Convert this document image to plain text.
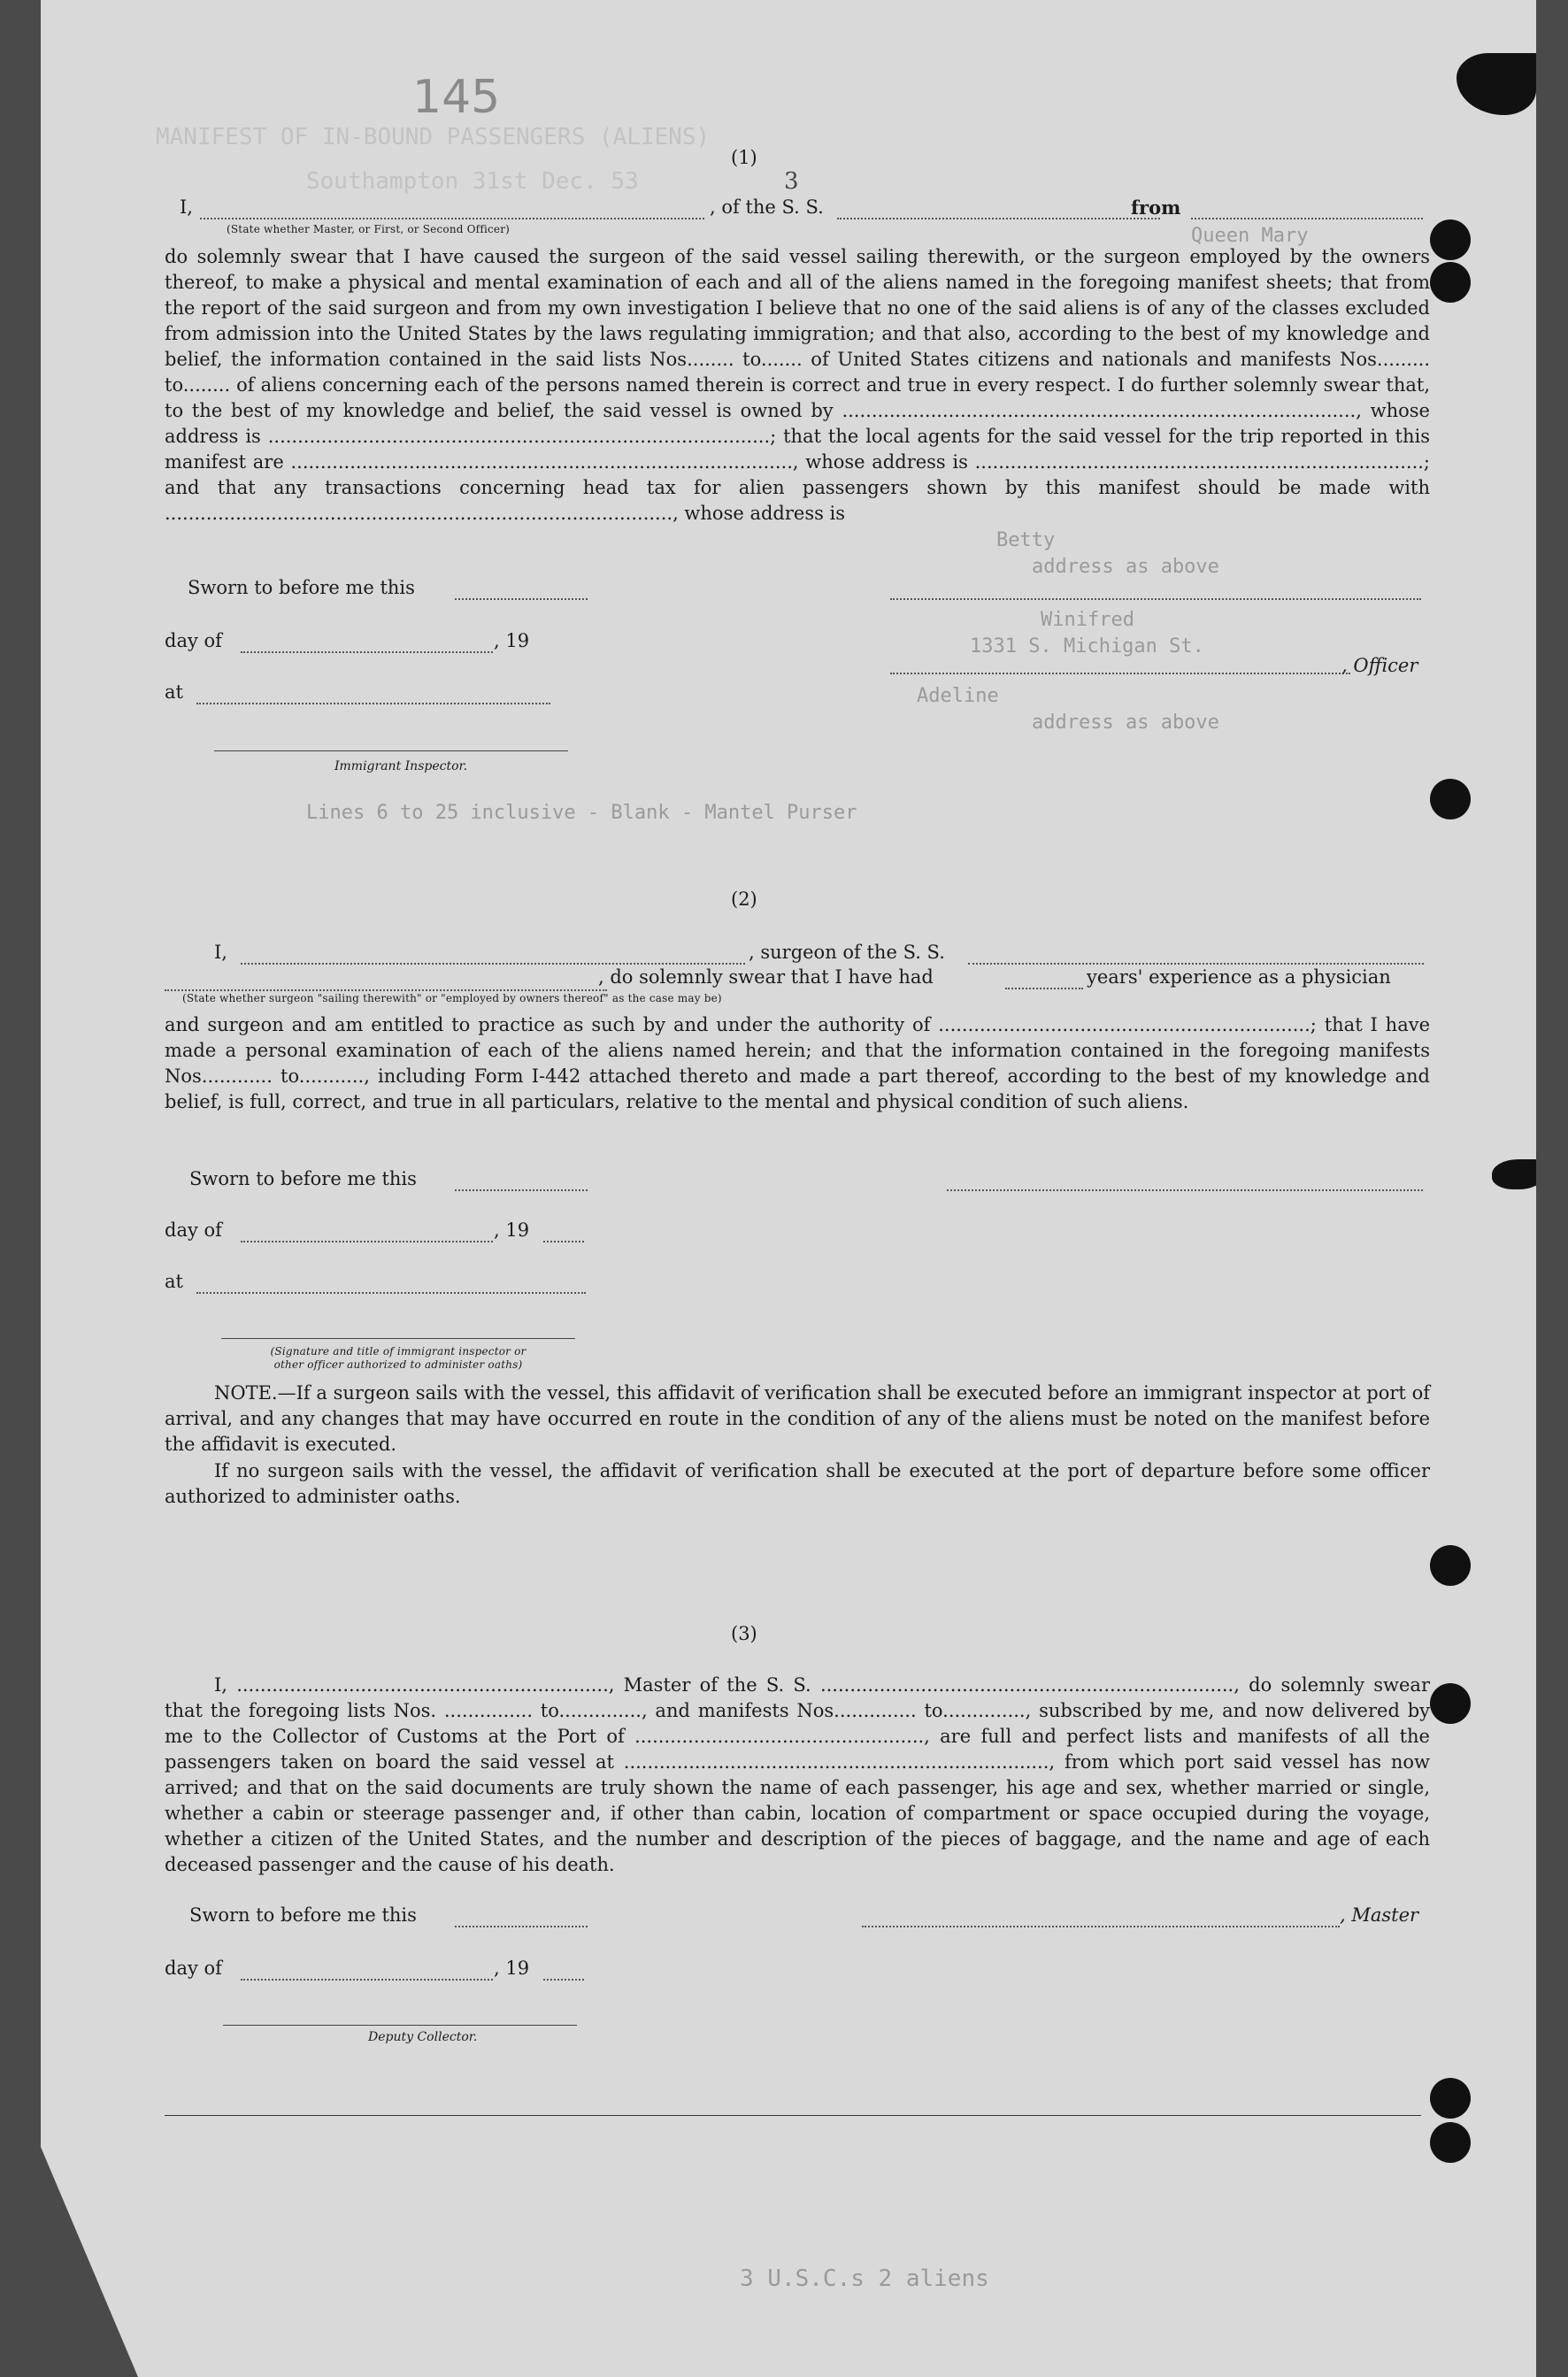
MANIFEST OF IN-BOUND PASSENGERS (ALIENS)
Southampton 31st Dec. 53
145
3
(1)
I,	, of the S. S.	from
(State whether Master, or First, or Second Officer)
do solemnly swear that I have caused the surgeon of the said vessel sailing therewith, or the surgeon employed by the owners thereof, to make a physical and mental examination of each and all of the aliens named in the foregoing manifest sheets; that from the report of the said surgeon and from my own investigation I believe that no one of the said aliens is of any of the classes excluded from admission into the United States by the laws regulating immigration; and that also, according to the best of my knowledge and belief, the information contained in the said lists Nos........ to....... of United States citizens and nationals and manifests Nos......... to........ of aliens concerning each of the persons named therein is correct and true in every respect. I do further solemnly swear that, to the best of my knowledge and belief, the said vessel is owned by ......................................................................................., whose address is .....................................................................................; that the local agents for the said vessel for the trip reported in this manifest are ....................................................................................., whose address is ............................................................................; and that any transactions concerning head tax for alien passengers shown by this manifest should be made with ......................................................................................, whose address is
Sworn to before me this
day of	, 19
at
, Officer
Immigrant Inspector.
Queen Mary
Betty
address as above
Winifred
1331 S. Michigan St.
Adeline
address as above
Lines 6 to 25 inclusive - Blank - Mantel Purser
(2)
I,	, surgeon of the S. S.
, do solemnly swear that I have had	years' experience as a physician
(State whether surgeon "sailing therewith" or "employed by owners thereof" as the case may be)
and surgeon and am entitled to practice as such by and under the authority of ...............................................................; that I have made a personal examination of each of the aliens named herein; and that the information contained in the foregoing manifests Nos............ to..........., including Form I-442 attached thereto and made a part thereof, according to the best of my knowledge and belief, is full, correct, and true in all particulars, relative to the mental and physical condition of such aliens.
Sworn to before me this
day of	, 19
at
(Signature and title of immigrant inspector or
other officer authorized to administer oaths)
NOTE.—If a surgeon sails with the vessel, this affidavit of verification shall be executed before an immigrant inspector at port of arrival, and any changes that may have occurred en route in the condition of any of the aliens must be noted on the manifest before the affidavit is executed.
If no surgeon sails with the vessel, the affidavit of verification shall be executed at the port of departure before some officer authorized to administer oaths.
(3)
I, ..............................................................., Master of the S. S. ......................................................................, do solemnly swear that the foregoing lists Nos. ............... to.............., and manifests Nos.............. to.............., subscribed by me, and now delivered by me to the Collector of Customs at the Port of ................................................., are full and perfect lists and manifests of all the passengers taken on board the said vessel at ........................................................................, from which port said vessel has now arrived; and that on the said documents are truly shown the name of each passenger, his age and sex, whether married or single, whether a cabin or steerage passenger and, if other than cabin, location of compartment or space occupied during the voyage, whether a citizen of the United States, and the number and description of the pieces of baggage, and the name and age of each deceased passenger and the cause of his death.
Sworn to before me this	, Master
day of	, 19
Deputy Collector.
3 U.S.C.s 2 aliens
